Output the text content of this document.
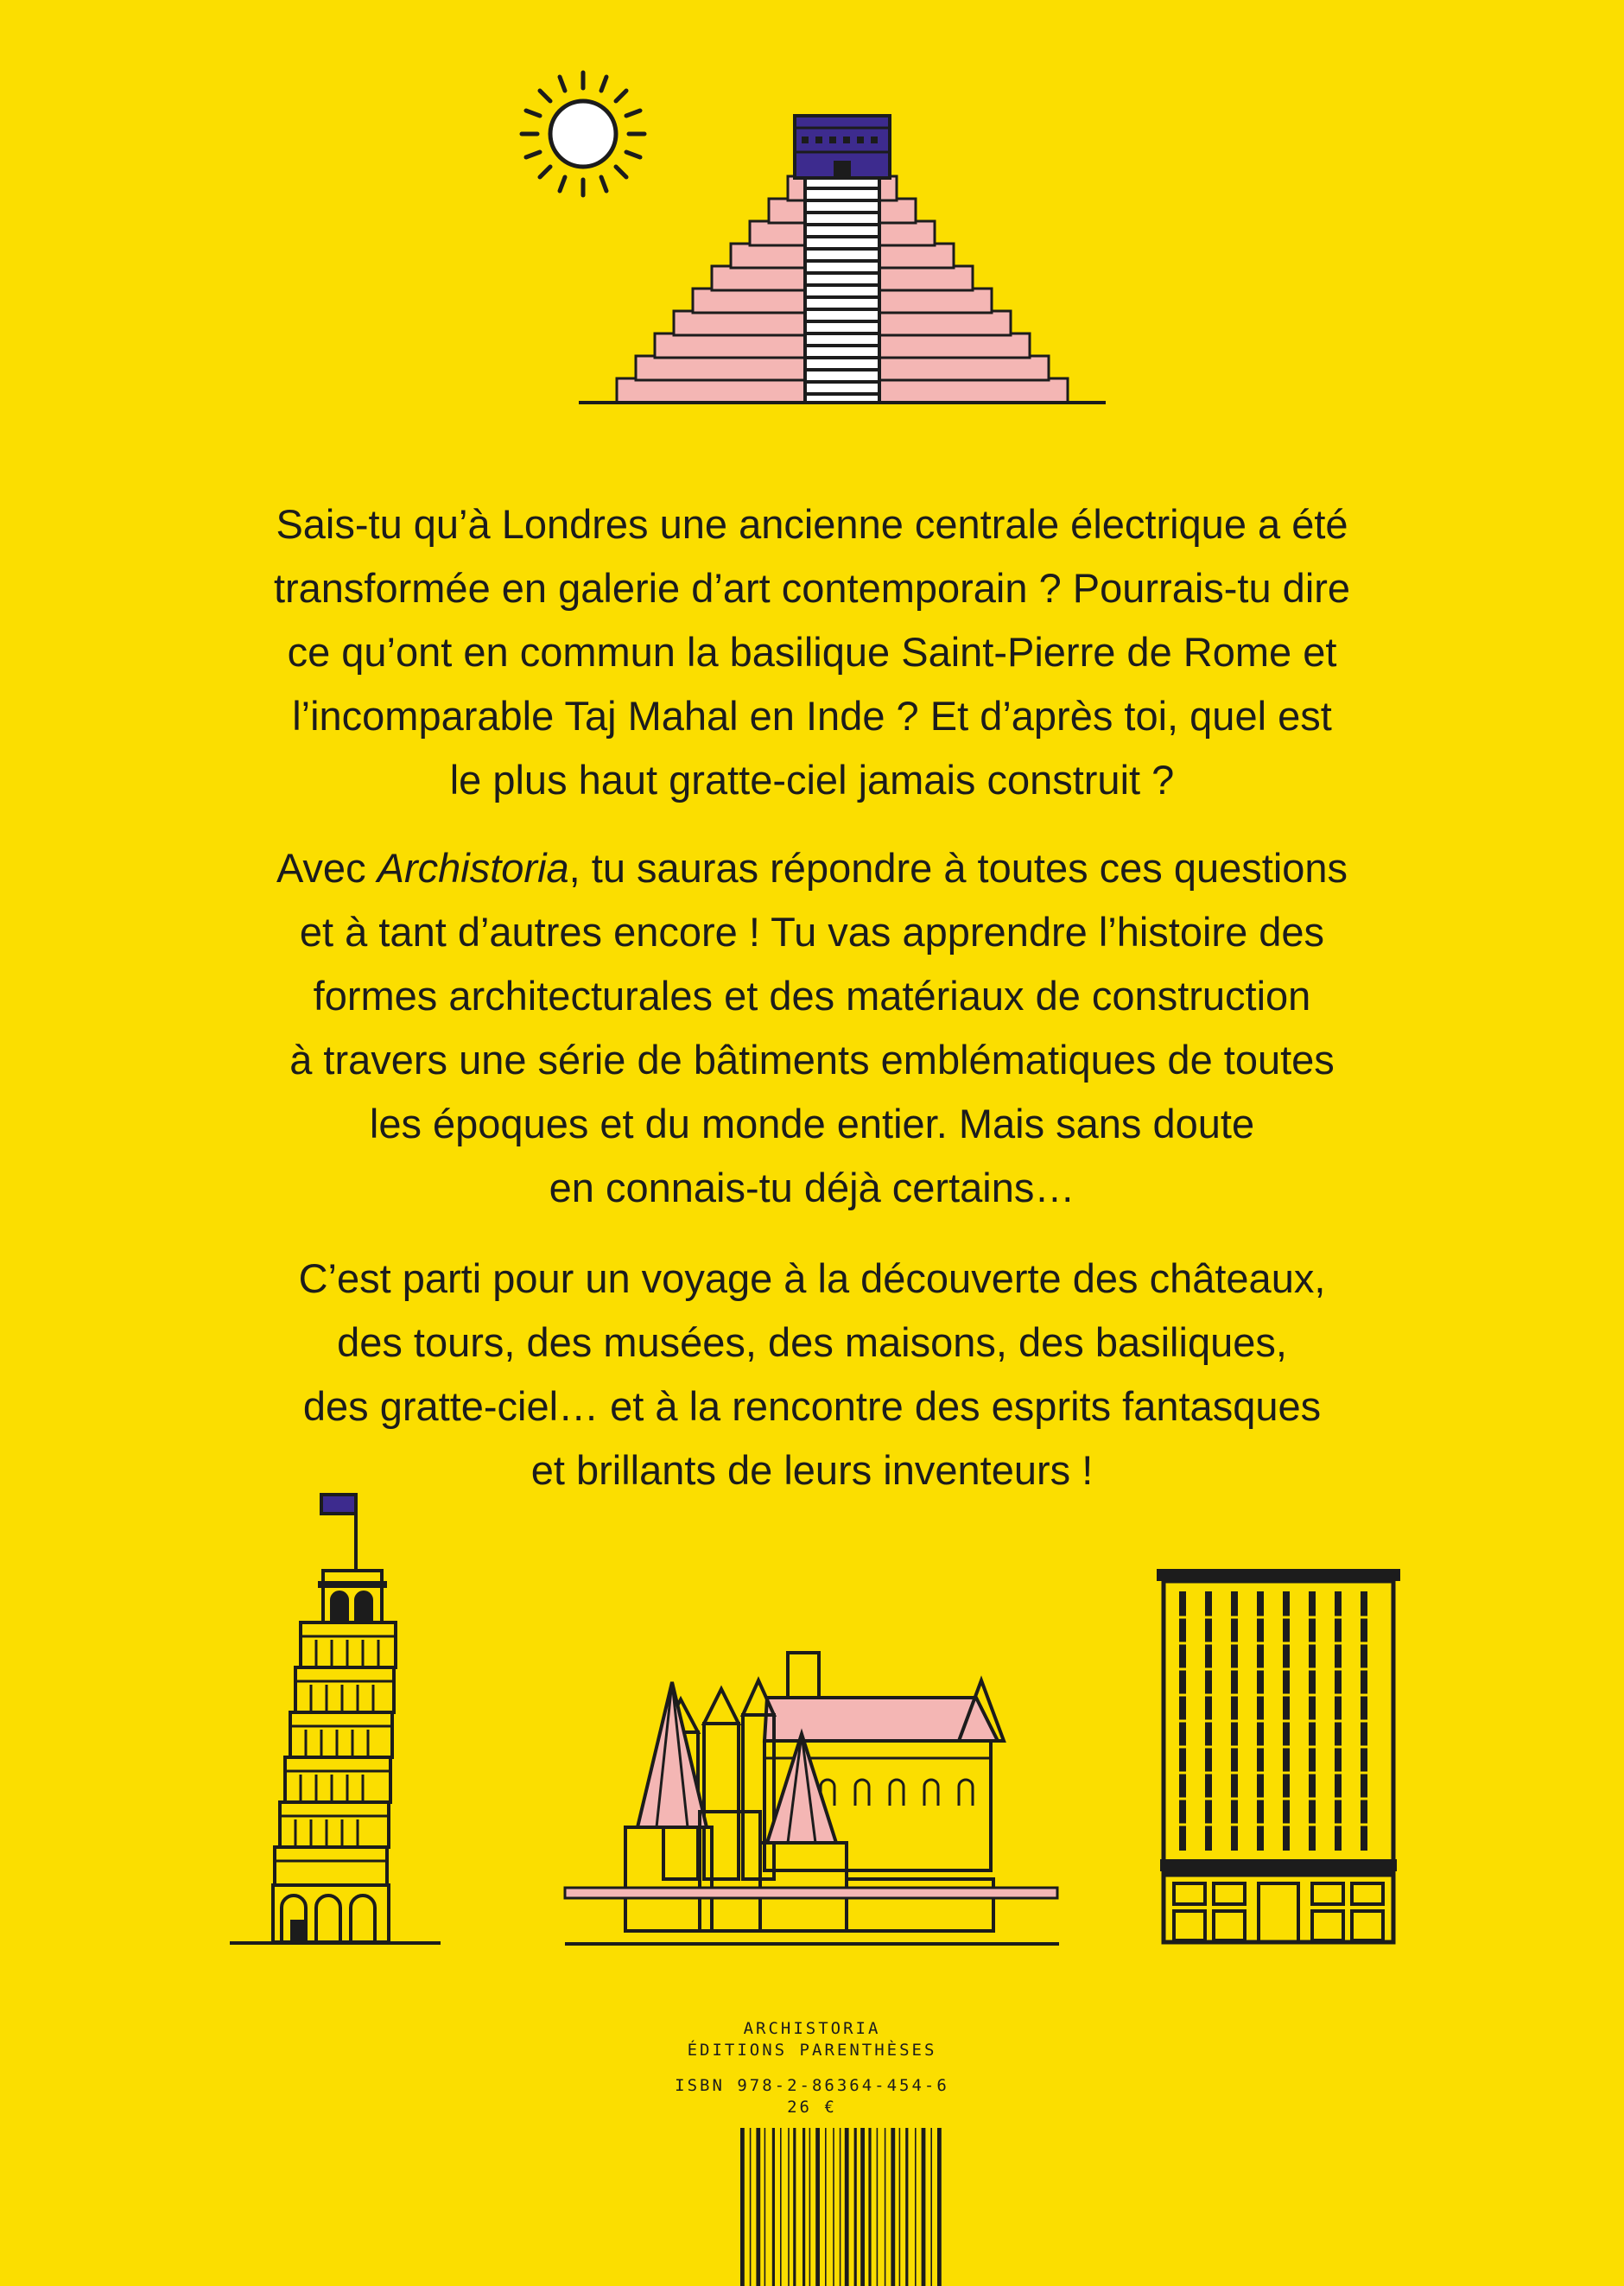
Sais-tu qu’à Londres une ancienne centrale électrique a été

transformée en galerie d’art contemporain ? Pourrais-tu dire

ce qu’ont en commun la basilique Saint-Pierre de Rome et

l’incomparable Taj Mahal en Inde ? Et d’après toi, quel est

le plus haut gratte-ciel jamais construit ?

Avec Archistoria, tu sauras répondre à toutes ces questions

et à tant d’autres encore ! Tu vas apprendre l’histoire des

formes architecturales et des matériaux de construction

à travers une série de bâtiments emblématiques de toutes

les époques et du monde entier. Mais sans doute

en connais-tu déjà certains…

C’est parti pour un voyage à la découverte des châteaux,

des tours, des musées, des maisons, des basiliques,

des gratte-ciel… et à la rencontre des esprits fantasques

et brillants de leurs inventeurs !

ARCHISTORIA
ÉDITIONS PARENTHÈSES
ISBN 978-2-86364-454-6
26 €
